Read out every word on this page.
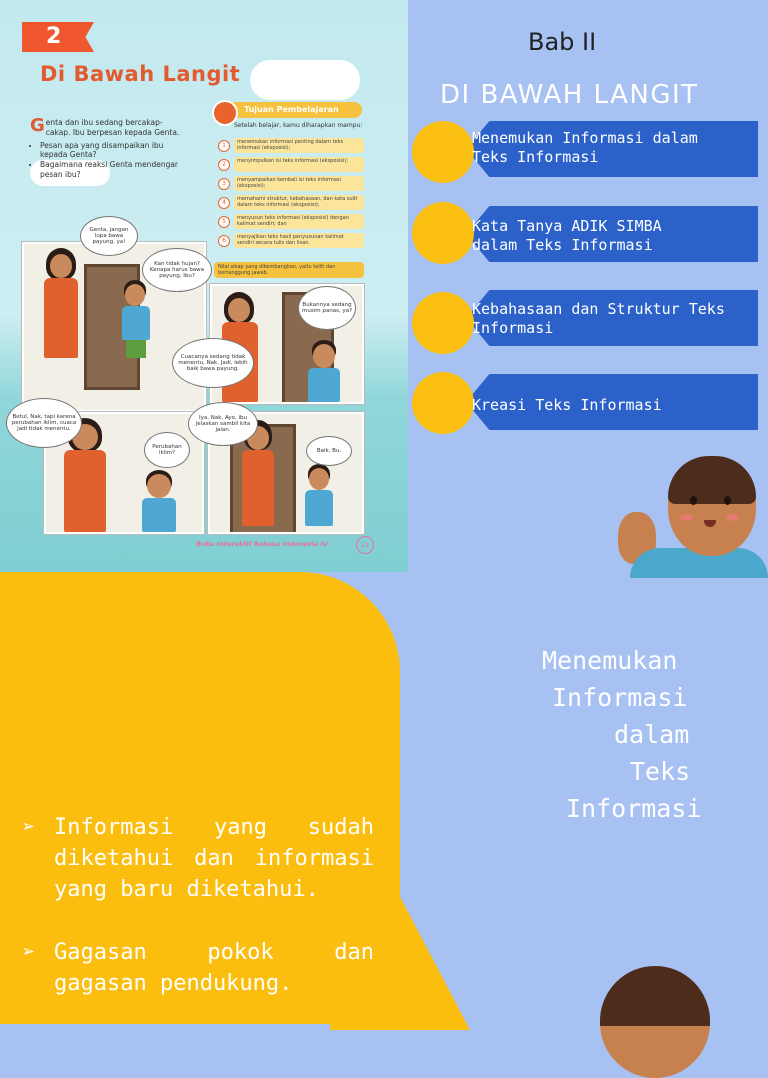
2
Di Bawah Langit
G enta dan ibu sedang bercakap-cakap. Ibu berpesan kepada Genta.
• Pesan apa yang disampaikan ibu kepada Genta?
• Bagaimana reaksi Genta mendengar pesan ibu?
Tujuan Pembelajaran
Setelah belajar, kamu diharapkan mampu:
1	menemukan informasi penting dalam teks informasi (eksposisi);
2	menyimpulkan isi teks informasi (eksposisi);
3	menyampaikan kembali isi teks informasi (eksposisi);
4	memahami struktur, kebahasaan, dan kata sulit dalam teks informasi (eksposisi);
5	menyusun teks informasi (eksposisi) dengan kalimat sendiri; dan
6	menyajikan teks hasil penyusunan kalimat sendiri secara tulis dan lisan.
Nilai sikap yang dikembangkan, yaitu teliti dan bertanggung jawab.
Genta, jangan lupa bawa payung, ya!
Kan tidak hujan? Kenapa harus bawa payung, Ibu?
Bukannya sedang musim panas, ya?
Cuacanya sedang tidak menentu, Nak. Jadi, lebih baik bawa payung.
Betul, Nak, tapi karena perubahan iklim, cuaca jadi tidak menentu.
Perubahan iklim?
Iya, Nak. Ayo, ibu jelaskan sambil kita jalan.
Baik, Bu.
Buku Interaktif Bahasa Indonesia IV	21
Bab II
DI BAWAH LANGIT
Menemukan Informasi dalam
Teks Informasi
Kata Tanya ADIK SIMBA
dalam Teks Informasi
Kebahasaan dan Struktur Teks
Informasi
Kreasi Teks Informasi
➢ Informasi yang sudah diketahui dan informasi yang baru diketahui.
➢ Gagasan pokok dan gagasan pendukung.
Menemukan
Informasi
dalam
Teks
Informasi
